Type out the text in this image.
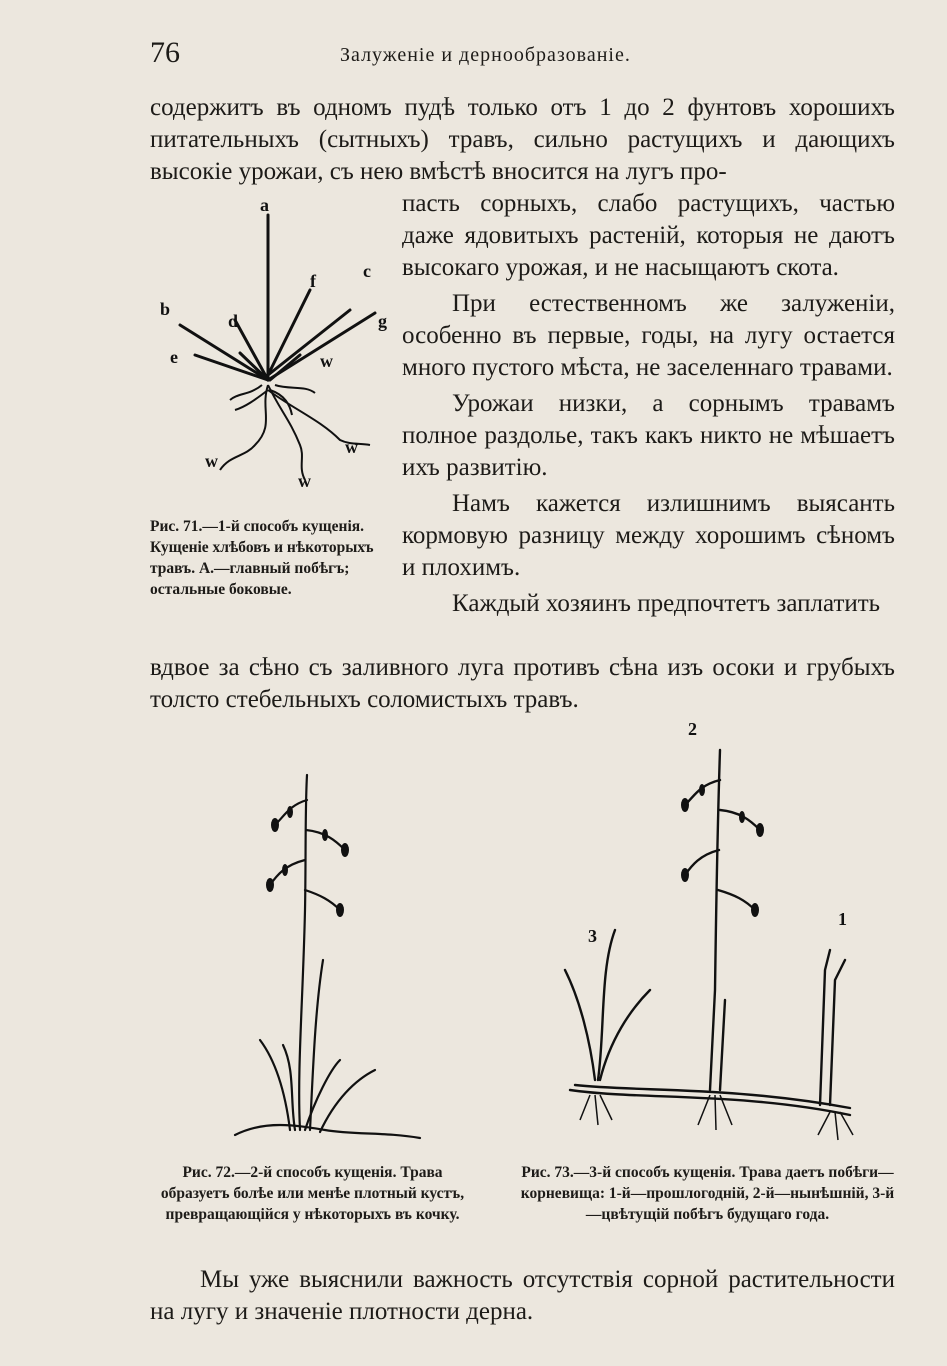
76	Залуженiе и дернообразованiе.

содержитъ въ одномъ пудѣ только отъ 1 до 2 фунтовъ хорошихъ питательныхъ (сытныхъ) травъ, сильно растущихъ и дающихъ высокiе урожаи, съ нею вмѣстѣ вносится на лугъ про-

пасть сорныхъ, слабо растущихъ, частью даже ядовитыхъ растенiй, которыя не даютъ высокаго урожая, и не насыщаютъ скота.

При естественномъ же залуженiи, особенно въ первые, годы, на лугу остается много пустого мѣста, не заселеннаго травами.

Урожаи низки, а сорнымъ травамъ полное раздолье, такъ какъ никто не мѣшаетъ ихъ развитiю.

Намъ кажется излишнимъ выясанть кормовую разницу между хорошимъ сѣномъ и плохимъ.

Каждый хозяинъ предпочтетъ заплатить

вдвое за сѣно съ заливного луга противъ сѣна изъ осоки и грубыхъ толсто стебельныхъ соломистыхъ травъ.

a
b
c
d
e
f
g
w
w
w
w
Рис. 71.—1-й способъ кущенiя. Кущенiе хлѣбовъ и нѣкоторыхъ травъ. А.—главный побѣгъ; остальные боковые.
Рис. 72.—2-й способъ кущенiя. Трава образуетъ болѣе или менѣе плотный кустъ, превращающiйся у нѣкоторыхъ въ кочку.
1
2
3
Рис. 73.—3-й способъ кущенiя. Трава даетъ побѣги—корневища: 1-й—прошлогоднiй, 2-й—нынѣшнiй, 3-й—цвѣтущiй побѣгъ будущаго года.

Мы уже выяснили важность отсутствiя сорной растительности на лугу и значенiе плотности дерна.
